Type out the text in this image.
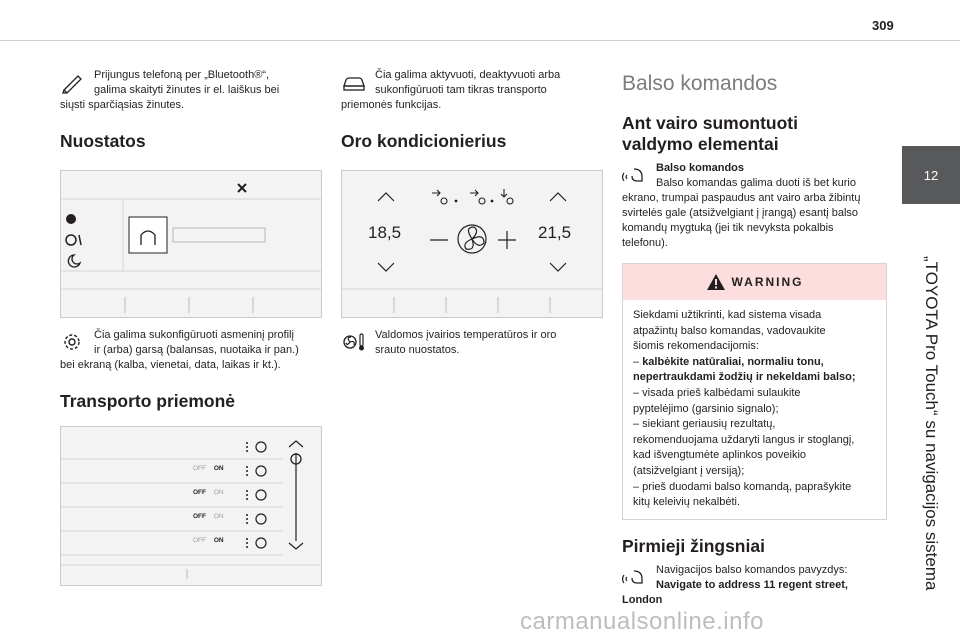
309
12
„TOYOTA Pro Touch“ su navigacijos sistema
Prijungus telefoną per „Bluetooth®“,
galima skaityti žinutes ir el. laiškus bei
siųsti sparčiąsias žinutes.
Nuostatos
Čia galima sukonfigūruoti asmeninį profilį
ir (arba) garsą (balansas, nuotaika ir pan.)
bei ekraną (kalba, vienetai, data, laikas ir kt.).
Transporto priemonė
OFF ON
OFF ON
OFF ON
OFF ON
Čia galima aktyvuoti, deaktyvuoti arba
sukonfigūruoti tam tikras transporto
priemonės funkcijas.
Oro kondicionierius
18,5	21,5
Valdomos įvairios temperatūros ir oro
srauto nuostatos.
Balso komandos
Ant vairo sumontuoti
valdymo elementai
Balso komandos
Balso komandas galima duoti iš bet kurio
ekrano, trumpai paspaudus ant vairo arba žibintų
svirtelės gale (atsižvelgiant į įrangą) esantį balso
komandų mygtuką (jei tik nevyksta pokalbis
telefonu).
WARNING
Siekdami užtikrinti, kad sistema visada
atpažintų balso komandas, vadovaukite
šiomis rekomendacijomis:
– kalbėkite natūraliai, normaliu tonu,
nepertraukdami žodžių ir nekeldami balso;
– visada prieš kalbėdami sulaukite
pyptelėjimo (garsinio signalo);
– siekiant geriausių rezultatų,
rekomenduojama uždaryti langus ir stoglangį,
kad išvengtumėte aplinkos poveikio
(atsižvelgiant į versiją);
– prieš duodami balso komandą, paprašykite
kitų keleivių nekalbėti.
Pirmieji žingsniai
Navigacijos balso komandos pavyzdys:
Navigate to address 11 regent street,
London
carmanualsonline.info
